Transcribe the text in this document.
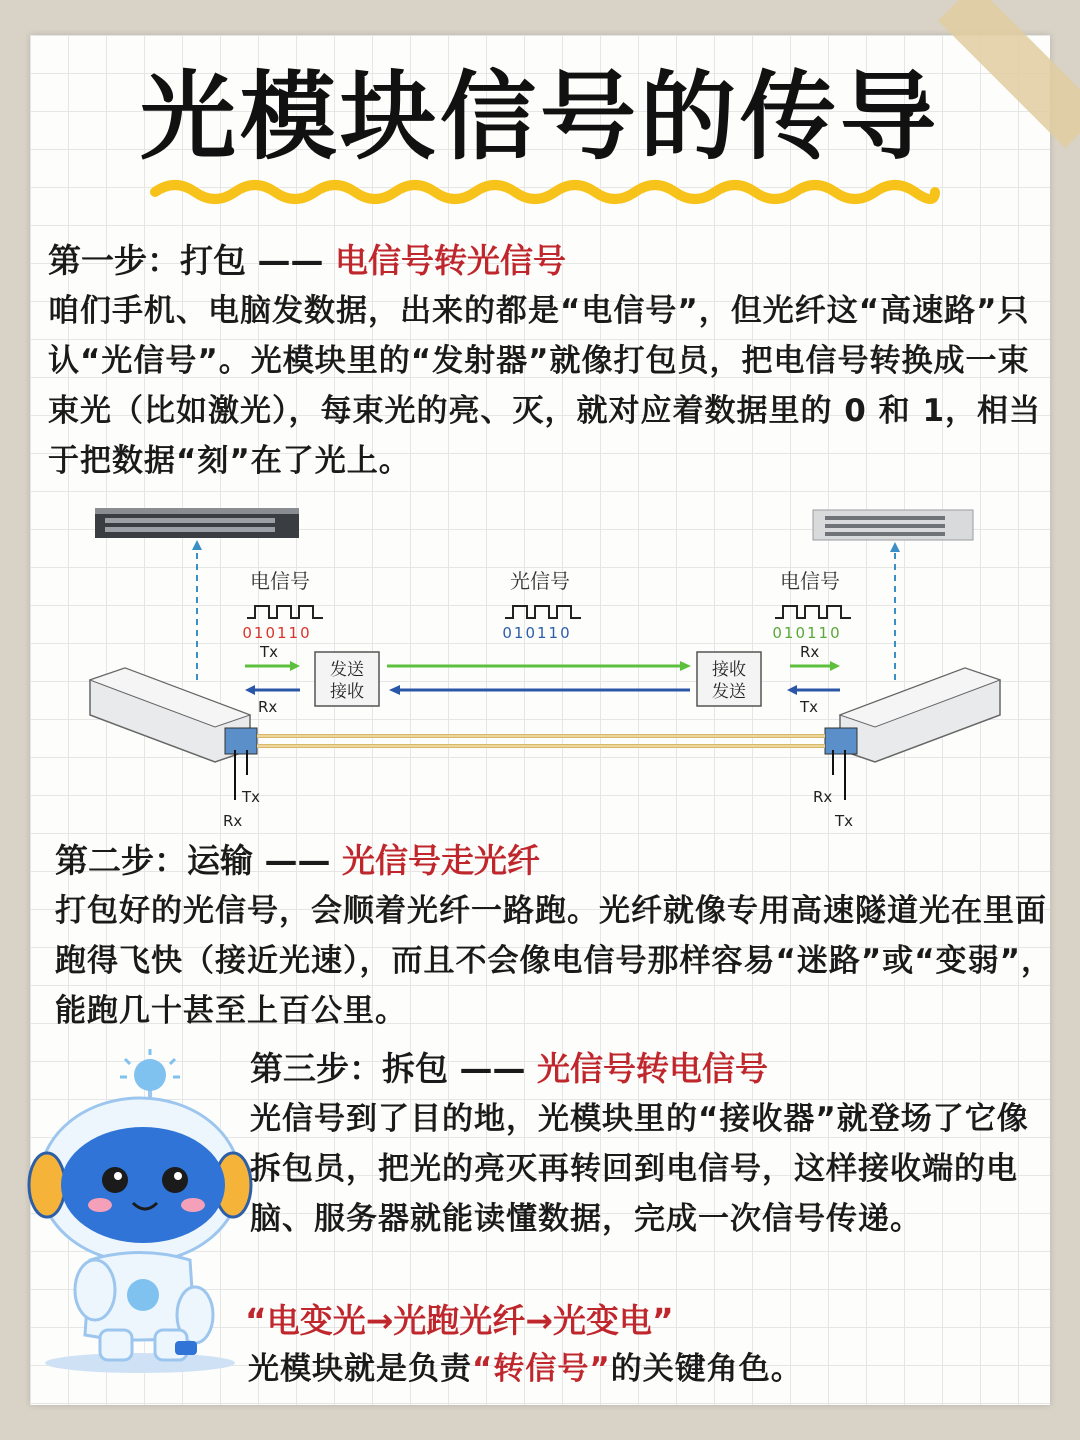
光模块信号的传导
第一步：打包 —— 电信号转光信号
咱们手机、电脑发数据，出来的都是“电信号”，但光纤这“高速路”只认“光信号”。光模块里的“发射器”就像打包员，把电信号转换成一束束光（比如激光），每束光的亮、灭，就对应着数据里的 0 和 1，相当于把数据“刻”在了光上。
电信号	光信号	电信号
010110	010110	010110
Tx
Rx
Rx
Tx
发送
接收
接收
发送
Tx
Rx
Rx
Tx
第二步：运输 —— 光信号走光纤
打包好的光信号，会顺着光纤一路跑。光纤就像专用高速隧道光在里面跑得飞快（接近光速），而且不会像电信号那样容易“迷路”或“变弱”，能跑几十甚至上百公里。
第三步：拆包 —— 光信号转电信号
光信号到了目的地，光模块里的“接收器”就登场了它像拆包员，把光的亮灭再转回到电信号，这样接收端的电脑、服务器就能读懂数据，完成一次信号传递。
“电变光→光跑光纤→光变电”
光模块就是负责“转信号”的关键角色。
